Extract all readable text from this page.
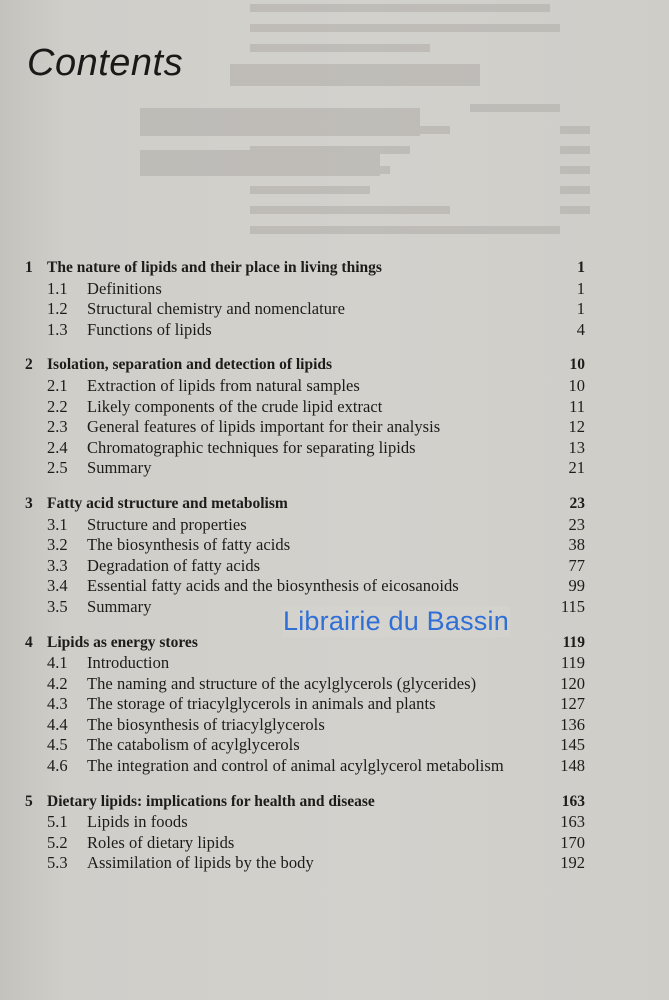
Contents
1 The nature of lipids and their place in living things	1
1.1	Definitions	1
1.2	Structural chemistry and nomenclature	1
1.3	Functions of lipids	4
2 Isolation, separation and detection of lipids	10
2.1	Extraction of lipids from natural samples	10
2.2	Likely components of the crude lipid extract	11
2.3	General features of lipids important for their analysis	12
2.4	Chromatographic techniques for separating lipids	13
2.5	Summary	21
3 Fatty acid structure and metabolism	23
3.1	Structure and properties	23
3.2	The biosynthesis of fatty acids	38
3.3	Degradation of fatty acids	77
3.4	Essential fatty acids and the biosynthesis of eicosanoids	99
3.5	Summary	115
4 Lipids as energy stores	119
4.1	Introduction	119
4.2	The naming and structure of the acylglycerols (glycerides)	120
4.3	The storage of triacylglycerols in animals and plants	127
4.4	The biosynthesis of triacylglycerols	136
4.5	The catabolism of acylglycerols	145
4.6	The integration and control of animal acylglycerol metabolism	148
5 Dietary lipids: implications for health and disease	163
5.1	Lipids in foods	163
5.2	Roles of dietary lipids	170
5.3	Assimilation of lipids by the body	192
Librairie du Bassin
